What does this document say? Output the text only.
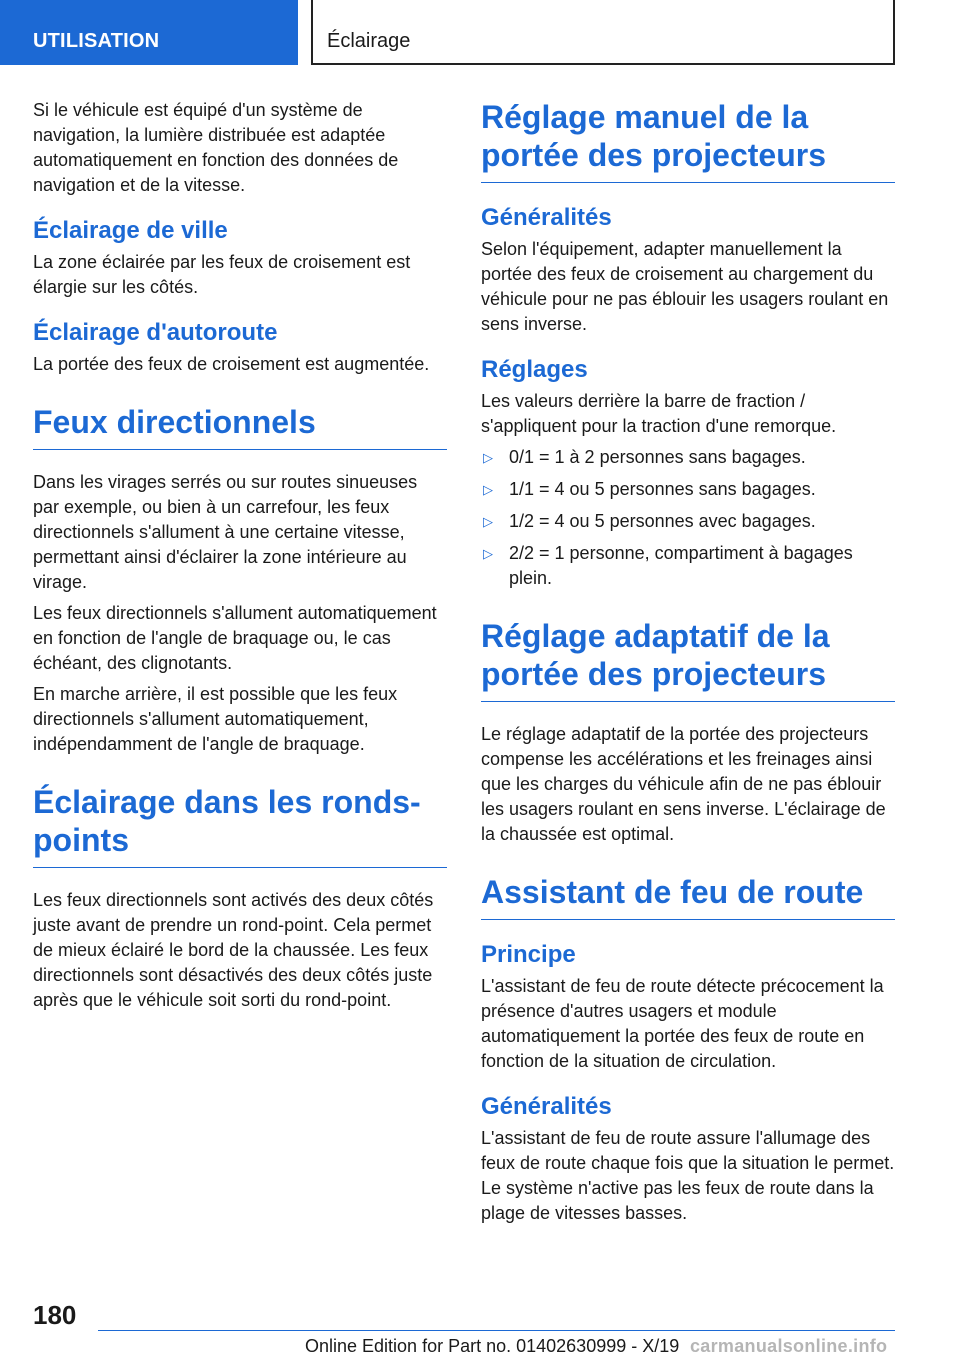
UTILISATION	Éclairage

Si le véhicule est équipé d'un système de navigation, la lumière distribuée est adaptée automatiquement en fonction des données de navigation et de la vitesse.

Éclairage de ville

La zone éclairée par les feux de croisement est élargie sur les côtés.

Éclairage d'autoroute

La portée des feux de croisement est augmentée.

Feux directionnels

Dans les virages serrés ou sur routes sinueuses par exemple, ou bien à un carrefour, les feux directionnels s'allument à une certaine vitesse, permettant ainsi d'éclairer la zone intérieure au virage.

Les feux directionnels s'allument automatiquement en fonction de l'angle de braquage ou, le cas échéant, des clignotants.

En marche arrière, il est possible que les feux directionnels s'allument automatiquement, indépendamment de l'angle de braquage.

Éclairage dans les ronds-points

Les feux directionnels sont activés des deux côtés juste avant de prendre un rond-point. Cela permet de mieux éclairé le bord de la chaussée. Les feux directionnels sont désactivés des deux côtés juste après que le véhicule soit sorti du rond-point.

Réglage manuel de la portée des projecteurs
Généralités

Selon l'équipement, adapter manuellement la portée des feux de croisement au chargement du véhicule pour ne pas éblouir les usagers roulant en sens inverse.

Réglages

Les valeurs derrière la barre de fraction / s'appliquent pour la traction d'une remorque.

▷ 0/1 = 1 à 2 personnes sans bagages.
▷ 1/1 = 4 ou 5 personnes sans bagages.
▷ 1/2 = 4 ou 5 personnes avec bagages.
▷ 2/2 = 1 personne, compartiment à bagages plein.
Réglage adaptatif de la portée des projecteurs

Le réglage adaptatif de la portée des projecteurs compense les accélérations et les freinages ainsi que les charges du véhicule afin de ne pas éblouir les usagers roulant en sens inverse. L'éclairage de la chaussée est optimal.

Assistant de feu de route
Principe

L'assistant de feu de route détecte précocement la présence d'autres usagers et module automatiquement la portée des feux de route en fonction de la situation de circulation.

Généralités

L'assistant de feu de route assure l'allumage des feux de route chaque fois que la situation le permet. Le système n'active pas les feux de route dans la plage de vitesses basses.

180
Online Edition for Part no. 01402630999 - X/19 carmanualsonline.info
